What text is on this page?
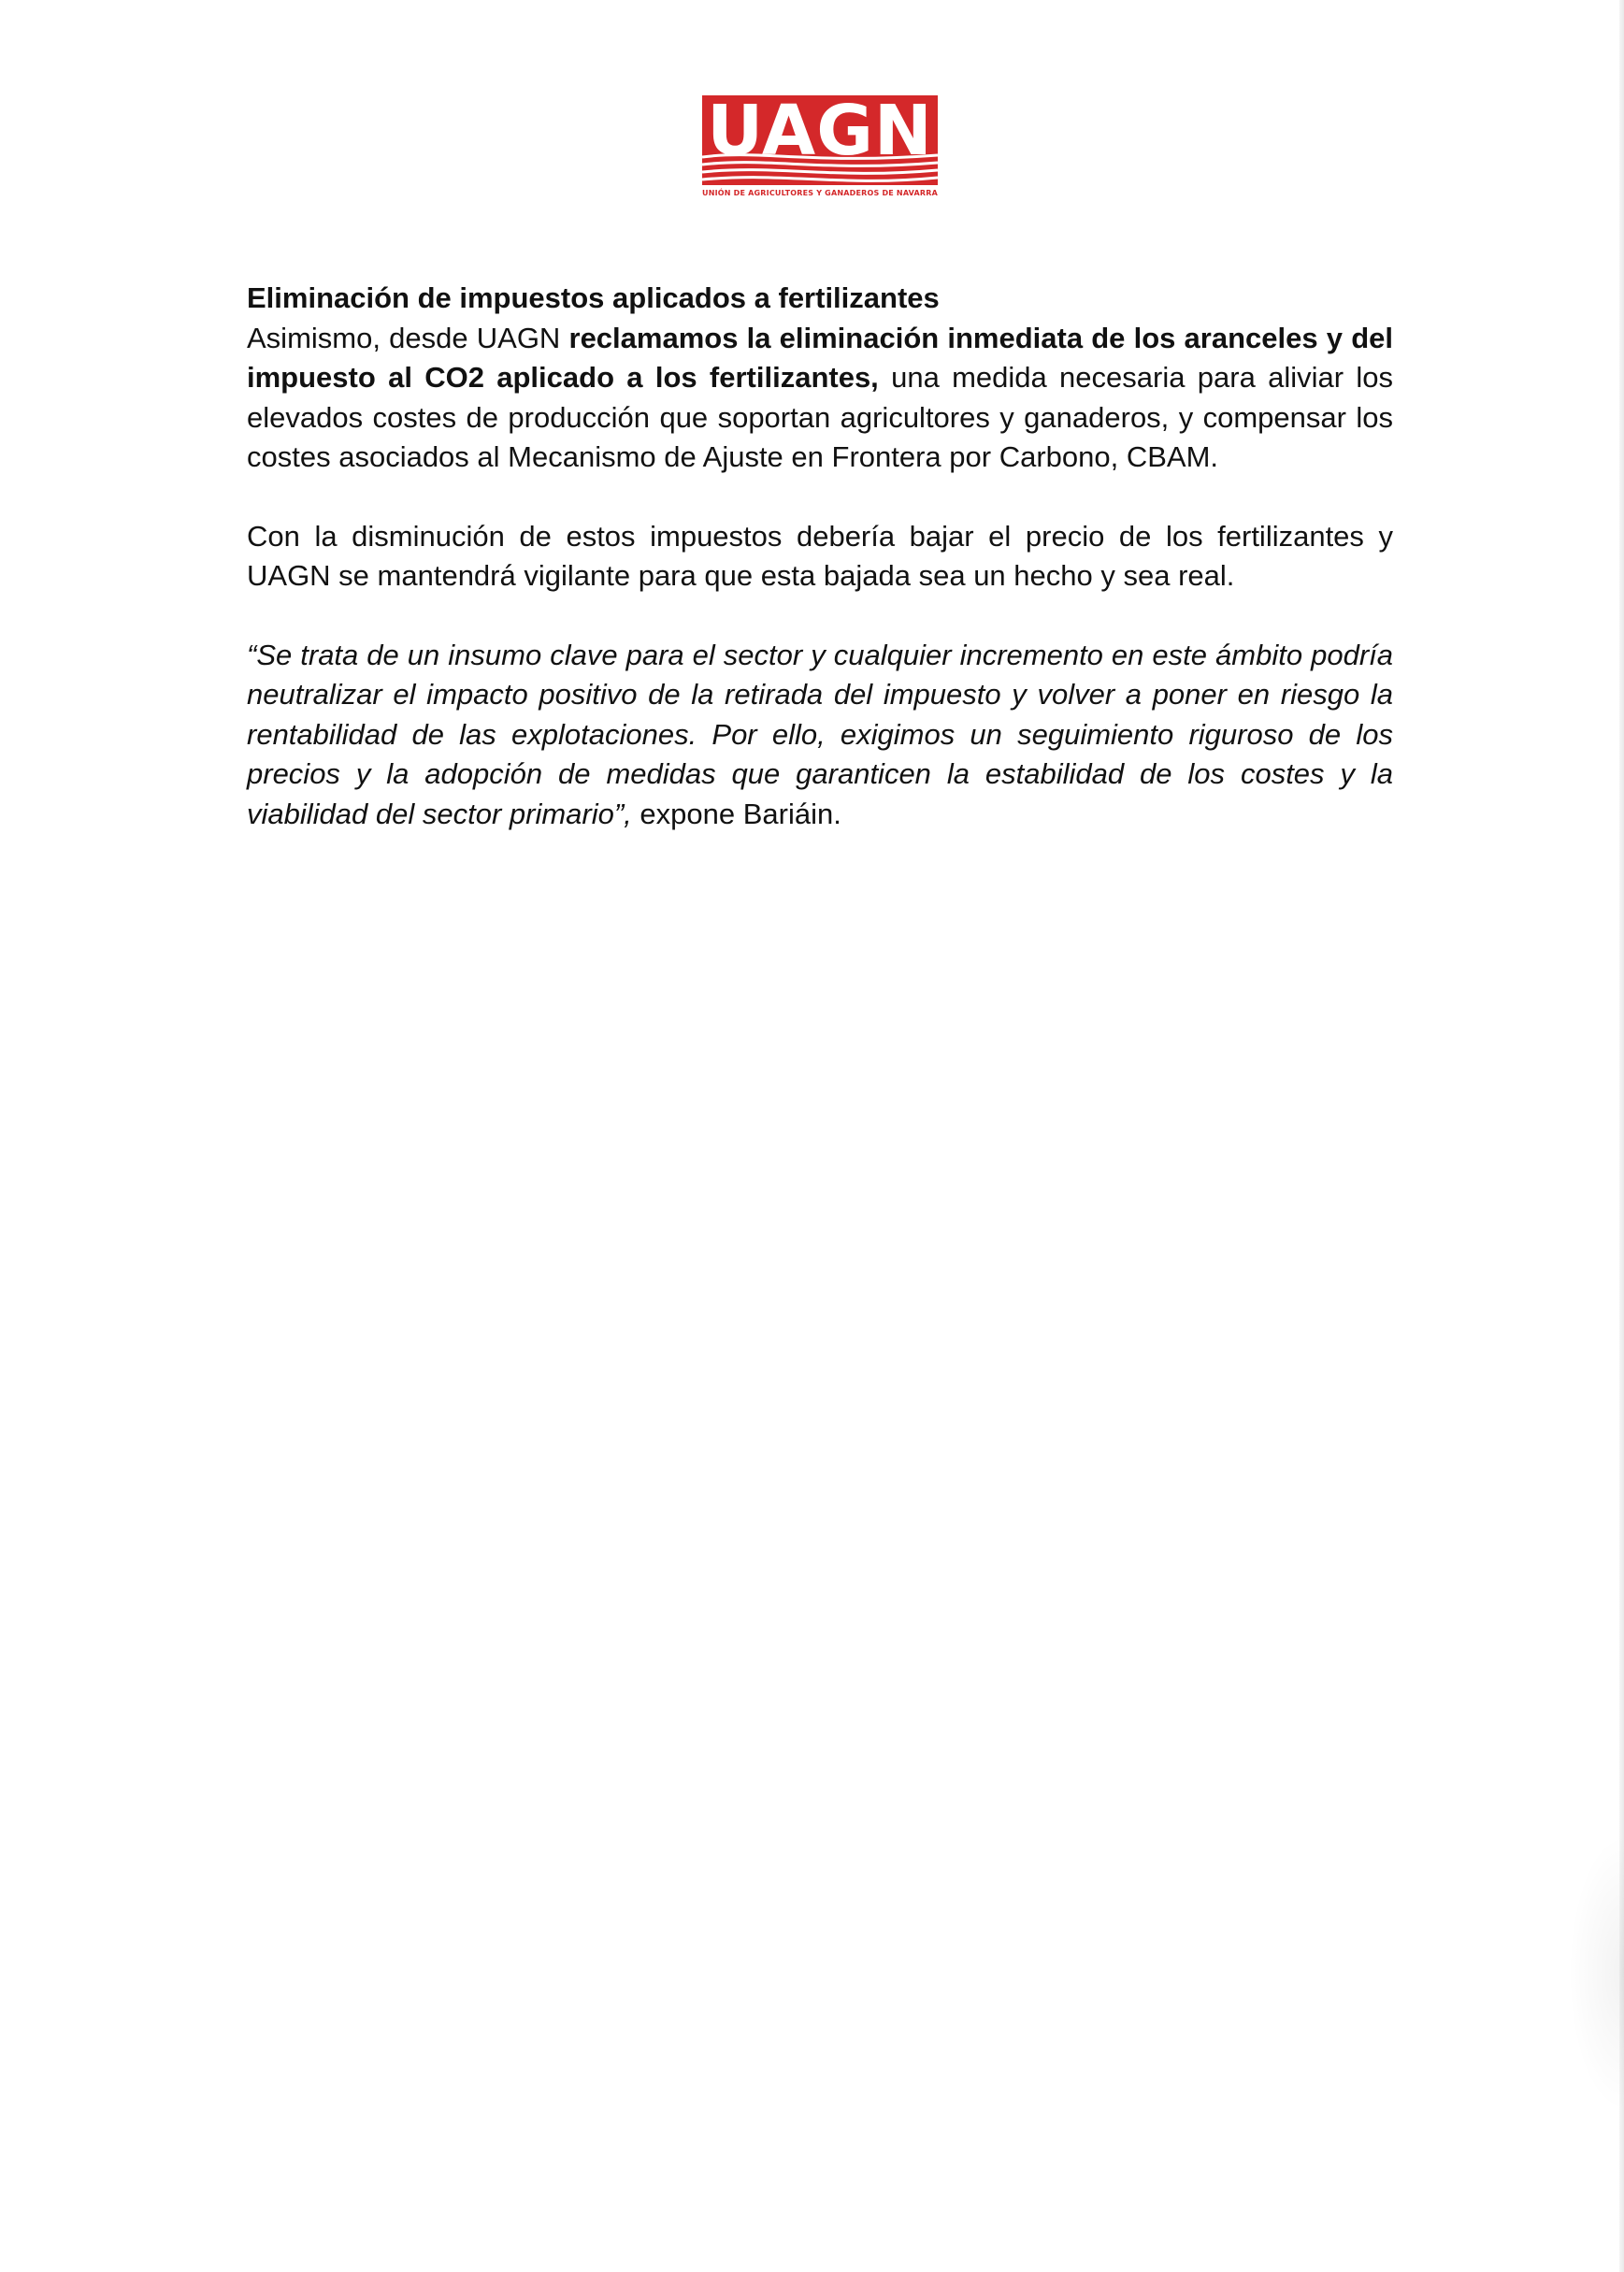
UAGN
UNIÓN DE AGRICULTORES Y GANADEROS DE NAVARRA

Eliminación de impuestos aplicados a fertilizantes

Asimismo, desde UAGN reclamamos la eliminación inmediata de los aranceles y del impuesto al CO2 aplicado a los fertilizantes, una medida necesaria para aliviar los elevados costes de producción que soportan agricultores y ganaderos, y compensar los costes asociados al Mecanismo de Ajuste en Frontera por Carbono, CBAM.

Con la disminución de estos impuestos debería bajar el precio de los fertilizantes y UAGN se mantendrá vigilante para que esta bajada sea un hecho y sea real.

“Se trata de un insumo clave para el sector y cualquier incremento en este ámbito podría neutralizar el impacto positivo de la retirada del impuesto y volver a poner en riesgo la rentabilidad de las explotaciones. Por ello, exigimos un seguimiento riguroso de los precios y la adopción de medidas que garanticen la estabilidad de los costes y la viabilidad del sector primario”, expone Bariáin.
